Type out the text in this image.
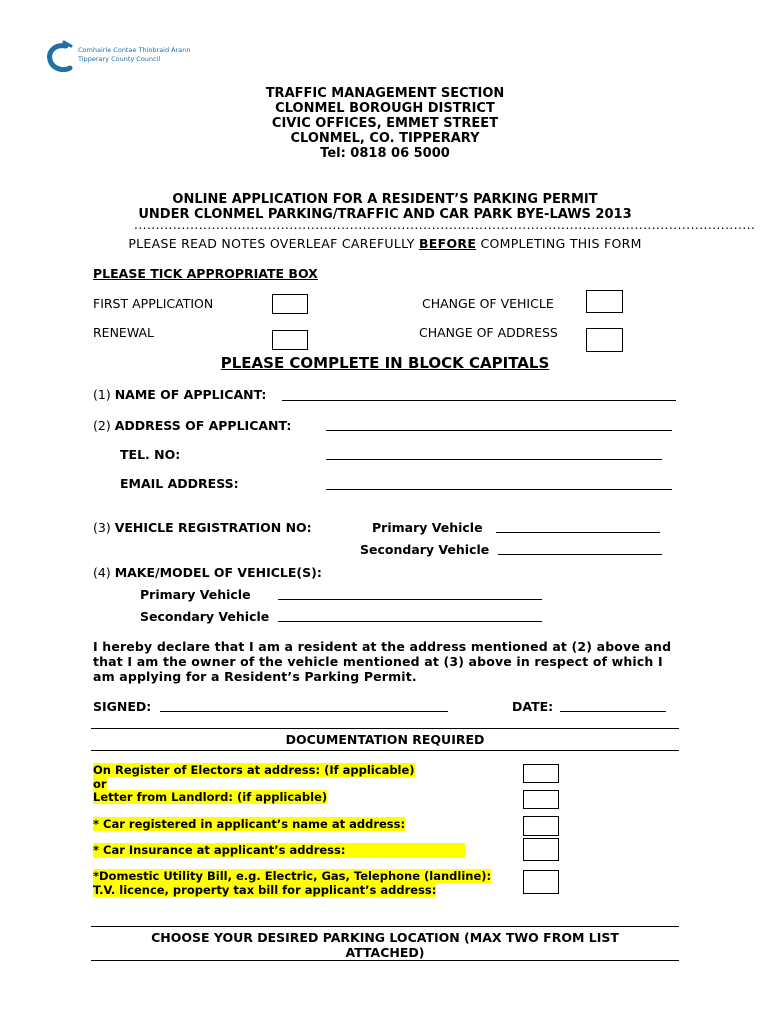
Comhairle Contae Thiobraid Árann
Tipperary County Council
TRAFFIC MANAGEMENT SECTION
CLONMEL BOROUGH DISTRICT
CIVIC OFFICES, EMMET STREET
CLONMEL, CO. TIPPERARY
Tel: 0818 06 5000
ONLINE APPLICATION FOR A RESIDENT’S PARKING PERMIT
UNDER CLONMEL PARKING/TRAFFIC AND CAR PARK BYE-LAWS 2013
................................................................................................................................................
PLEASE READ NOTES OVERLEAF CAREFULLY BEFORE COMPLETING THIS FORM
PLEASE TICK APPROPRIATE BOX
FIRST APPLICATION	CHANGE OF VEHICLE
RENEWAL	CHANGE OF ADDRESS
PLEASE COMPLETE IN BLOCK CAPITALS
(1) NAME OF APPLICANT:
(2) ADDRESS OF APPLICANT:
TEL. NO:
EMAIL ADDRESS:
(3) VEHICLE REGISTRATION NO:	Primary Vehicle
Secondary Vehicle
(4) MAKE/MODEL OF VEHICLE(S):
Primary Vehicle
Secondary Vehicle
I hereby declare that I am a resident at the address mentioned at (2) above and
that I am the owner of the vehicle mentioned at (3) above in respect of which I
am applying for a Resident’s Parking Permit.
SIGNED:	DATE:
DOCUMENTATION REQUIRED
On Register of Electors at address: (If applicable)
or
Letter from Landlord: (if applicable)
* Car registered in applicant’s name at address:
* Car Insurance at applicant’s address:
*Domestic Utility Bill, e.g. Electric, Gas, Telephone (landline):
T.V. licence, property tax bill for applicant’s address:
CHOOSE YOUR DESIRED PARKING LOCATION (MAX TWO FROM LIST
ATTACHED)
